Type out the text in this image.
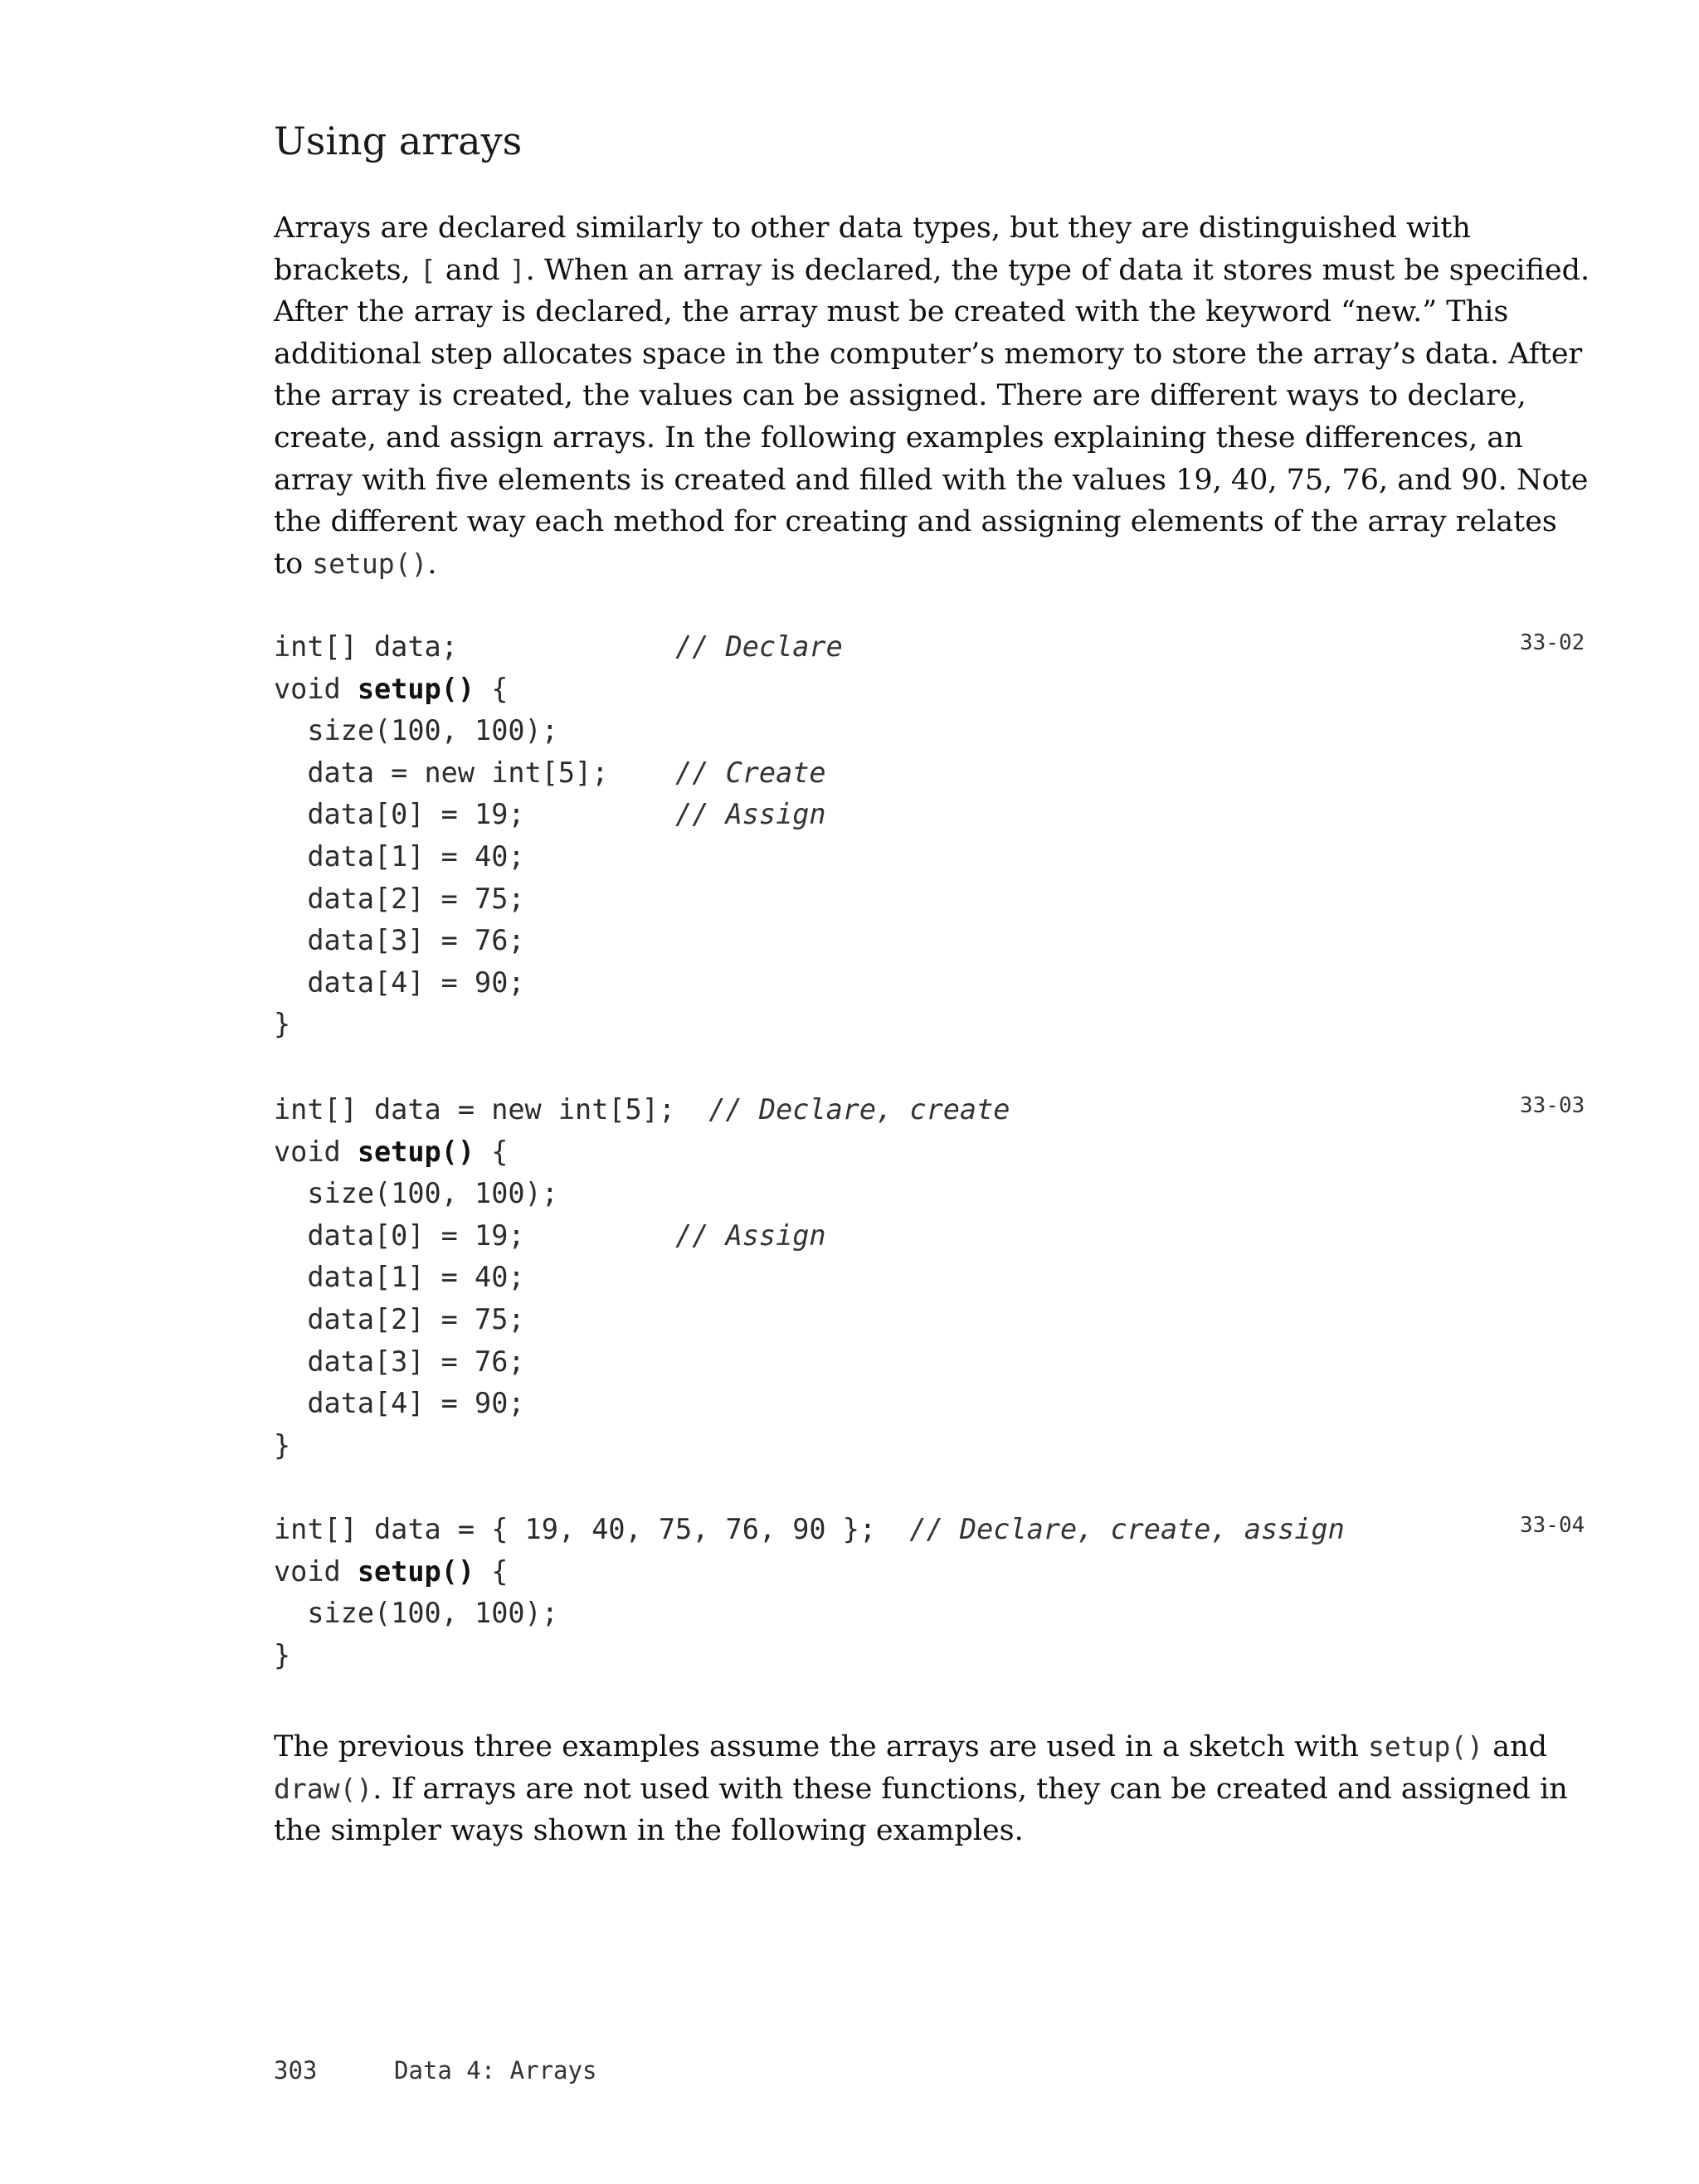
Using arrays
Arrays are declared similarly to other data types, but they are distinguished with
brackets, [ and ]. When an array is declared, the type of data it stores must be specified.
After the array is declared, the array must be created with the keyword “new.” This
additional step allocates space in the computer’s memory to store the array’s data. After
the array is created, the values can be assigned. There are different ways to declare,
create, and assign arrays. In the following examples explaining these differences, an
array with five elements is created and filled with the values 19, 40, 75, 76, and 90. Note
the different way each method for creating and assigning elements of the array relates
to setup().
33-02
int[] data;             // Declare
void setup() {
size(100, 100);
data = new int[5];    // Create
data[0] = 19;         // Assign
data[1] = 40;
data[2] = 75;
data[3] = 76;
data[4] = 90;
}
33-03
int[] data = new int[5];  // Declare, create
void setup() {
size(100, 100);
data[0] = 19;         // Assign
data[1] = 40;
data[2] = 75;
data[3] = 76;
data[4] = 90;
}
33-04
int[] data = { 19, 40, 75, 76, 90 };  // Declare, create, assign
void setup() {
size(100, 100);
}
The previous three examples assume the arrays are used in a sketch with setup() and
draw(). If arrays are not used with these functions, they can be created and assigned in
the simpler ways shown in the following examples.
303	Data 4: Arrays
